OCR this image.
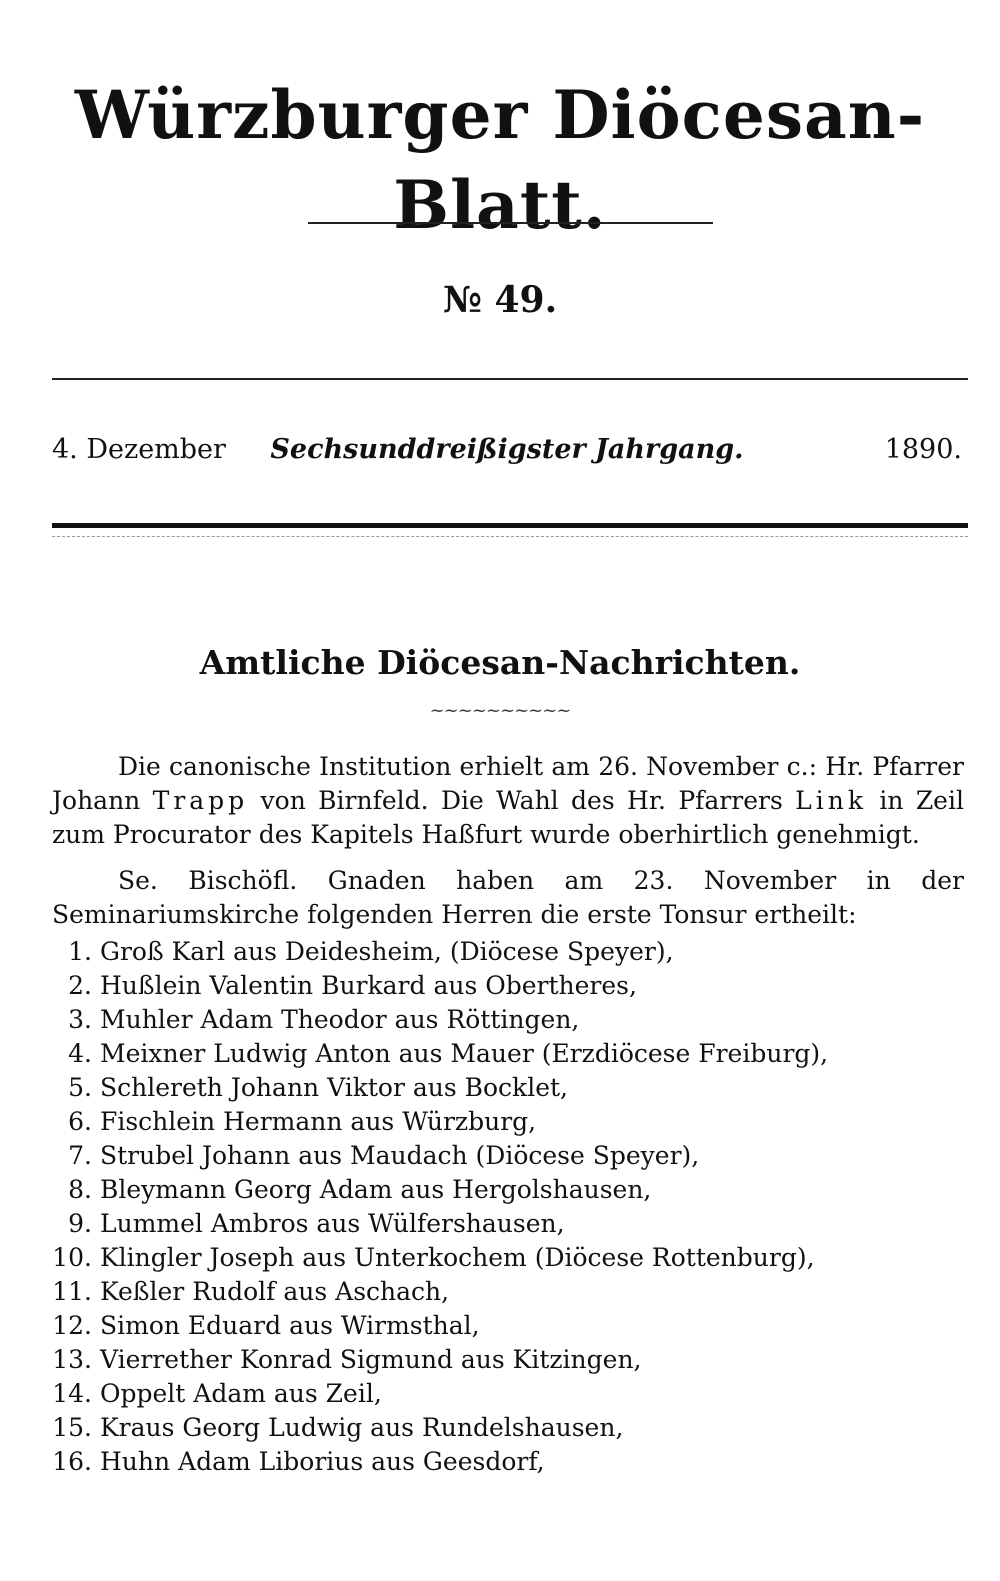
Würzburger Diöcesan-Blatt.
№ 49.
4. Dezember	Sechsunddreißigster Jahrgang.	1890.
Amtliche Diöcesan-Nachrichten.
~~~~~~~~~~
Die canonische Institution erhielt am 26. November c.: Hr. Pfarrer Johann Trapp von Birnfeld. Die Wahl des Hr. Pfarrers Link in Zeil zum Procurator des Kapitels Haßfurt wurde oberhirtlich genehmigt.
Se. Bischöfl. Gnaden haben am 23. November in der Seminariumskirche folgenden Herren die erste Tonsur ertheilt:
1. Groß Karl aus Deidesheim, (Diöcese Speyer),
2. Hußlein Valentin Burkard aus Obertheres,
3. Muhler Adam Theodor aus Röttingen,
4. Meixner Ludwig Anton aus Mauer (Erzdiöcese Freiburg),
5. Schlereth Johann Viktor aus Bocklet,
6. Fischlein Hermann aus Würzburg,
7. Strubel Johann aus Maudach (Diöcese Speyer),
8. Bleymann Georg Adam aus Hergolshausen,
9. Lummel Ambros aus Wülfershausen,
10. Klingler Joseph aus Unterkochem (Diöcese Rottenburg),
11. Keßler Rudolf aus Aschach,
12. Simon Eduard aus Wirmsthal,
13. Vierrether Konrad Sigmund aus Kitzingen,
14. Oppelt Adam aus Zeil,
15. Kraus Georg Ludwig aus Rundelshausen,
16. Huhn Adam Liborius aus Geesdorf,
